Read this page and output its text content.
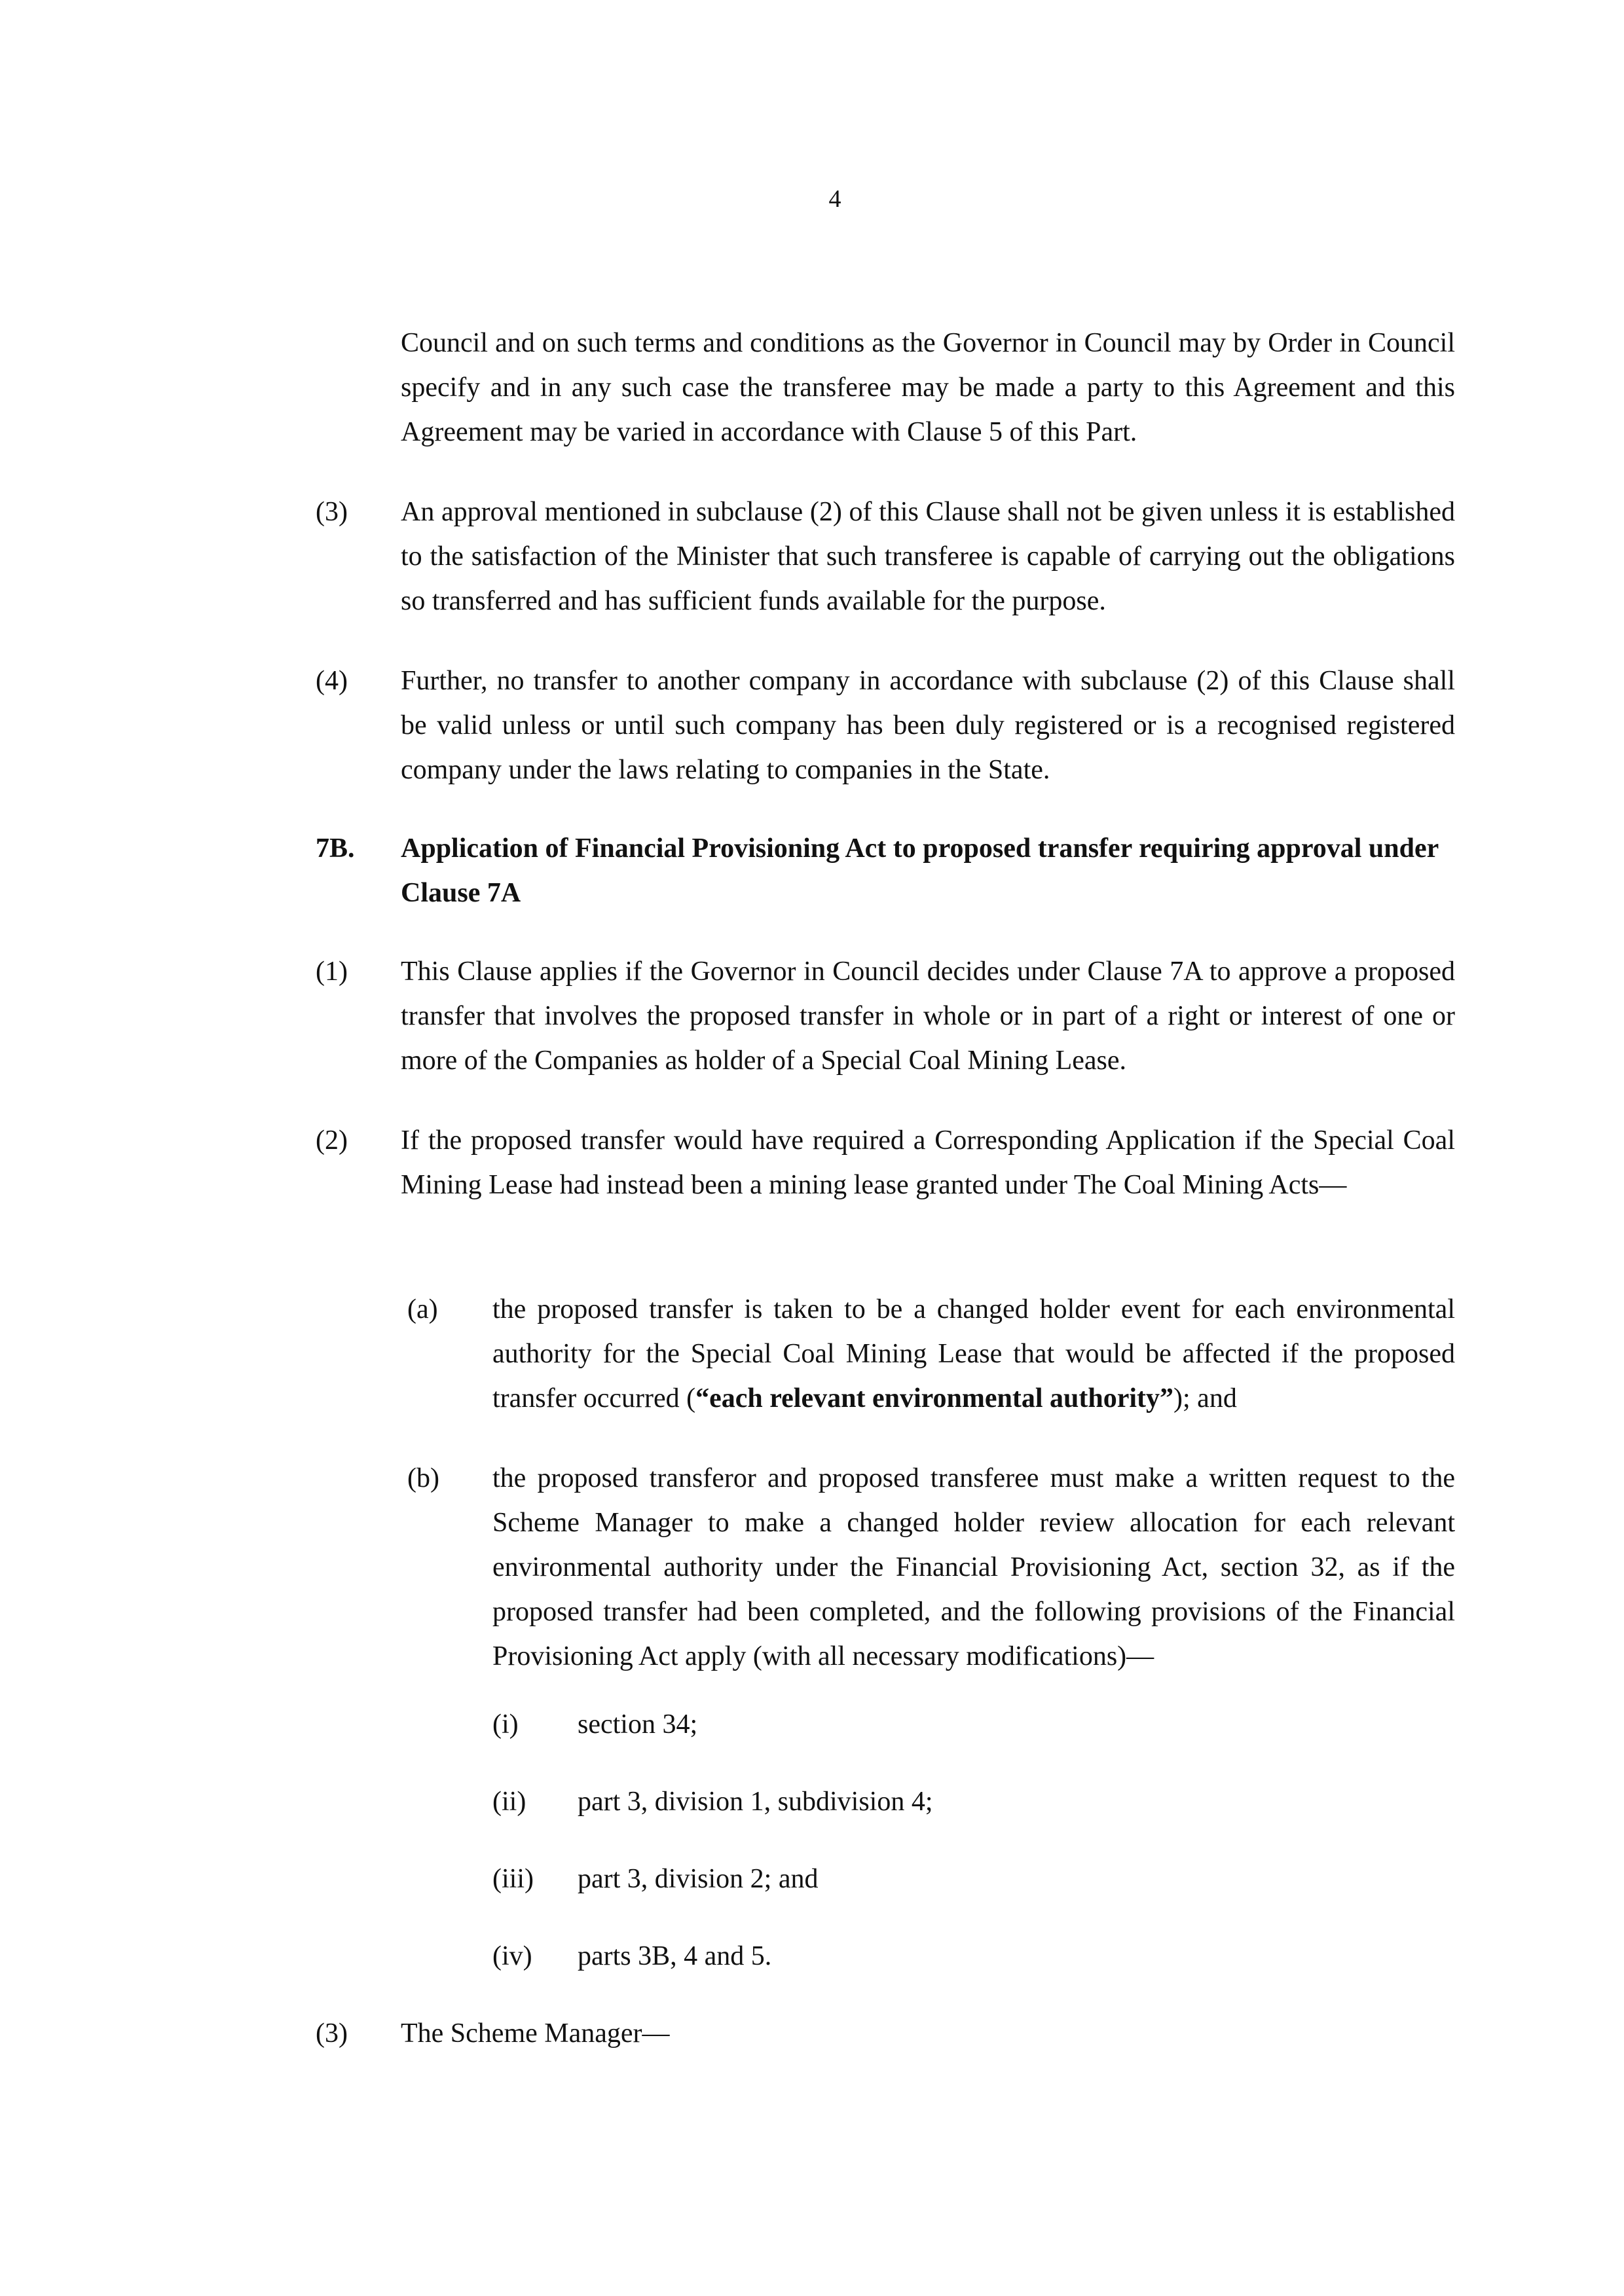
4
Council and on such terms and conditions as the Governor in Council may by Order in Council specify and in any such case the transferee may be made a party to this Agreement and this Agreement may be varied in accordance with Clause 5 of this Part.
(3) An approval mentioned in subclause (2) of this Clause shall not be given unless it is established to the satisfaction of the Minister that such transferee is capable of carrying out the obligations so transferred and has sufficient funds available for the purpose.
(4) Further, no transfer to another company in accordance with subclause (2) of this Clause shall be valid unless or until such company has been duly registered or is a recognised registered company under the laws relating to companies in the State.
7B. Application of Financial Provisioning Act to proposed transfer requiring approval under Clause 7A
(1) This Clause applies if the Governor in Council decides under Clause 7A to approve a proposed transfer that involves the proposed transfer in whole or in part of a right or interest of one or more of the Companies as holder of a Special Coal Mining Lease.
(2) If the proposed transfer would have required a Corresponding Application if the Special Coal Mining Lease had instead been a mining lease granted under The Coal Mining Acts—
(a) the proposed transfer is taken to be a changed holder event for each environmental authority for the Special Coal Mining Lease that would be affected if the proposed transfer occurred (“each relevant environmental authority”); and
(b) the proposed transferor and proposed transferee must make a written request to the Scheme Manager to make a changed holder review allocation for each relevant environmental authority under the Financial Provisioning Act, section 32, as if the proposed transfer had been completed, and the following provisions of the Financial Provisioning Act apply (with all necessary modifications)—
(i) section 34;
(ii) part 3, division 1, subdivision 4;
(iii) part 3, division 2; and
(iv) parts 3B, 4 and 5.
(3) The Scheme Manager—
